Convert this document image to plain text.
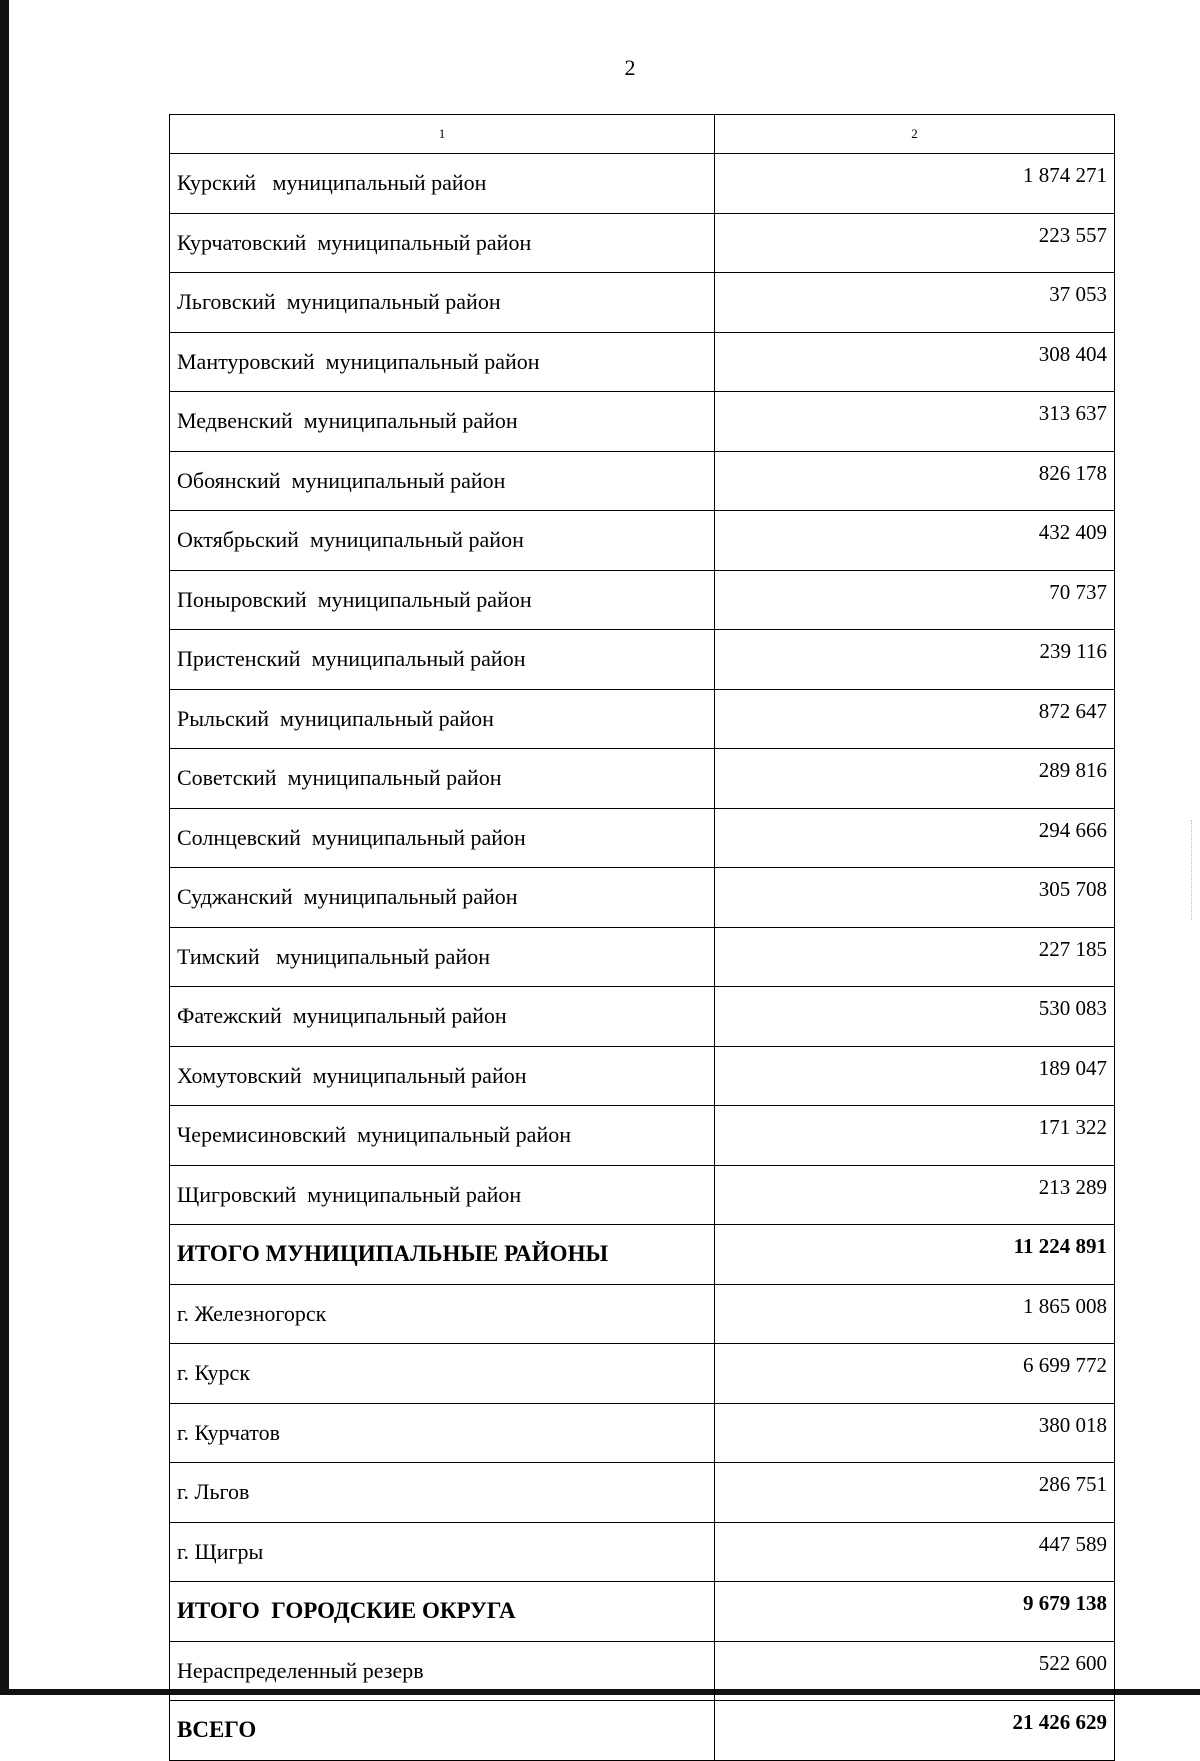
2
1	2
Курский   муниципальный район	1 874 271
Курчатовский  муниципальный район	223 557
Льговский  муниципальный район	37 053
Мантуровский  муниципальный район	308 404
Медвенский  муниципальный район	313 637
Обоянский  муниципальный район	826 178
Октябрьский  муниципальный район	432 409
Поныровский  муниципальный район	70 737
Пристенский  муниципальный район	239 116
Рыльский  муниципальный район	872 647
Советский  муниципальный район	289 816
Солнцевский  муниципальный район	294 666
Суджанский  муниципальный район	305 708
Тимский   муниципальный район	227 185
Фатежский  муниципальный район	530 083
Хомутовский  муниципальный район	189 047
Черемисиновский  муниципальный район	171 322
Щигровский  муниципальный район	213 289
ИТОГО МУНИЦИПАЛЬНЫЕ РАЙОНЫ	11 224 891
г. Железногорск	1 865 008
г. Курск	6 699 772
г. Курчатов	380 018
г. Льгов	286 751
г. Щигры	447 589
ИТОГО  ГОРОДСКИЕ ОКРУГА	9 679 138
Нераспределенный резерв	522 600
ВСЕГО	21 426 629
